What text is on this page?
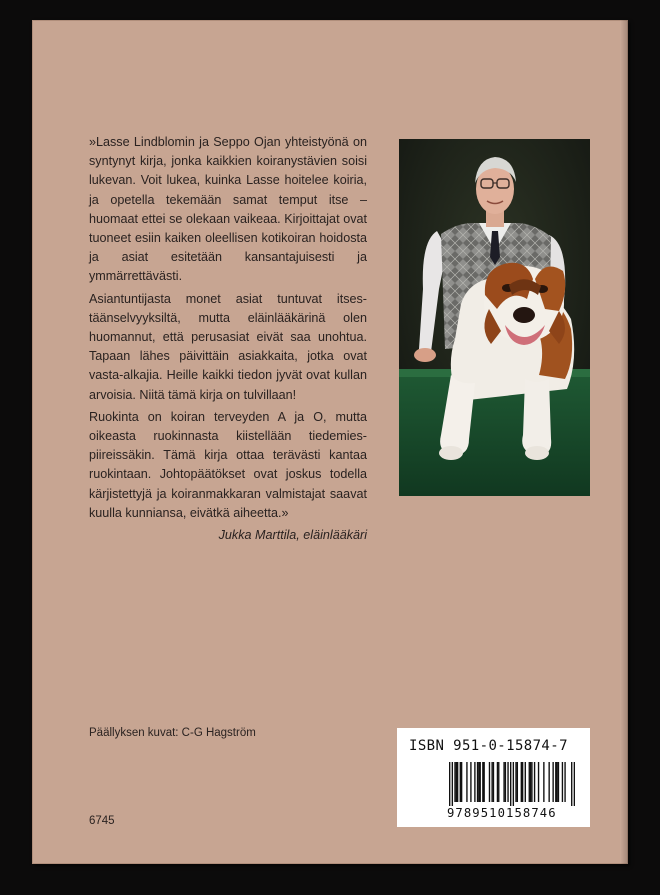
»Lasse Lindblomin ja Seppo Ojan yhteistyönä on syntynyt kirja, jonka kaikkien koiranystävien soisi lukevan. Voit lukea, kuinka Lasse hoitelee koiria, ja opetella tekemään samat temput itse – huomaat ettei se olekaan vaikeaa. Kirjoittajat ovat tuoneet esiin kaiken oleellisen kotikoiran hoidosta ja asiat esitetään kansantajuisesti ja ymmärrettävästi.

Asiantuntijasta monet asiat tuntuvat itsestäänselvyyksiltä, mutta eläinlääkärinä olen huomannut, että perusasiat eivät saa unohtua. Tapaan lähes päivittäin asiakkaita, jotka ovat vasta-alkajia. Heille kaikki tiedon jyvät ovat kullan arvoisia. Niitä tämä kirja on tulvillaan!

Ruokinta on koiran terveyden A ja O, mutta oikeasta ruokinnasta kiistellään tiedemiespiireissäkin. Tämä kirja ottaa terävästi kantaa ruokintaan. Johtopäätökset ovat joskus todella kärjistettyjä ja koiranmakkaran valmistajat saavat kuulla kunniansa, eivätkä aiheetta.»

Jukka Marttila, eläinlääkäri
Päällyksen kuvat: C-G Hagström
6745
ISBN 951-0-15874-7
9789510158746
